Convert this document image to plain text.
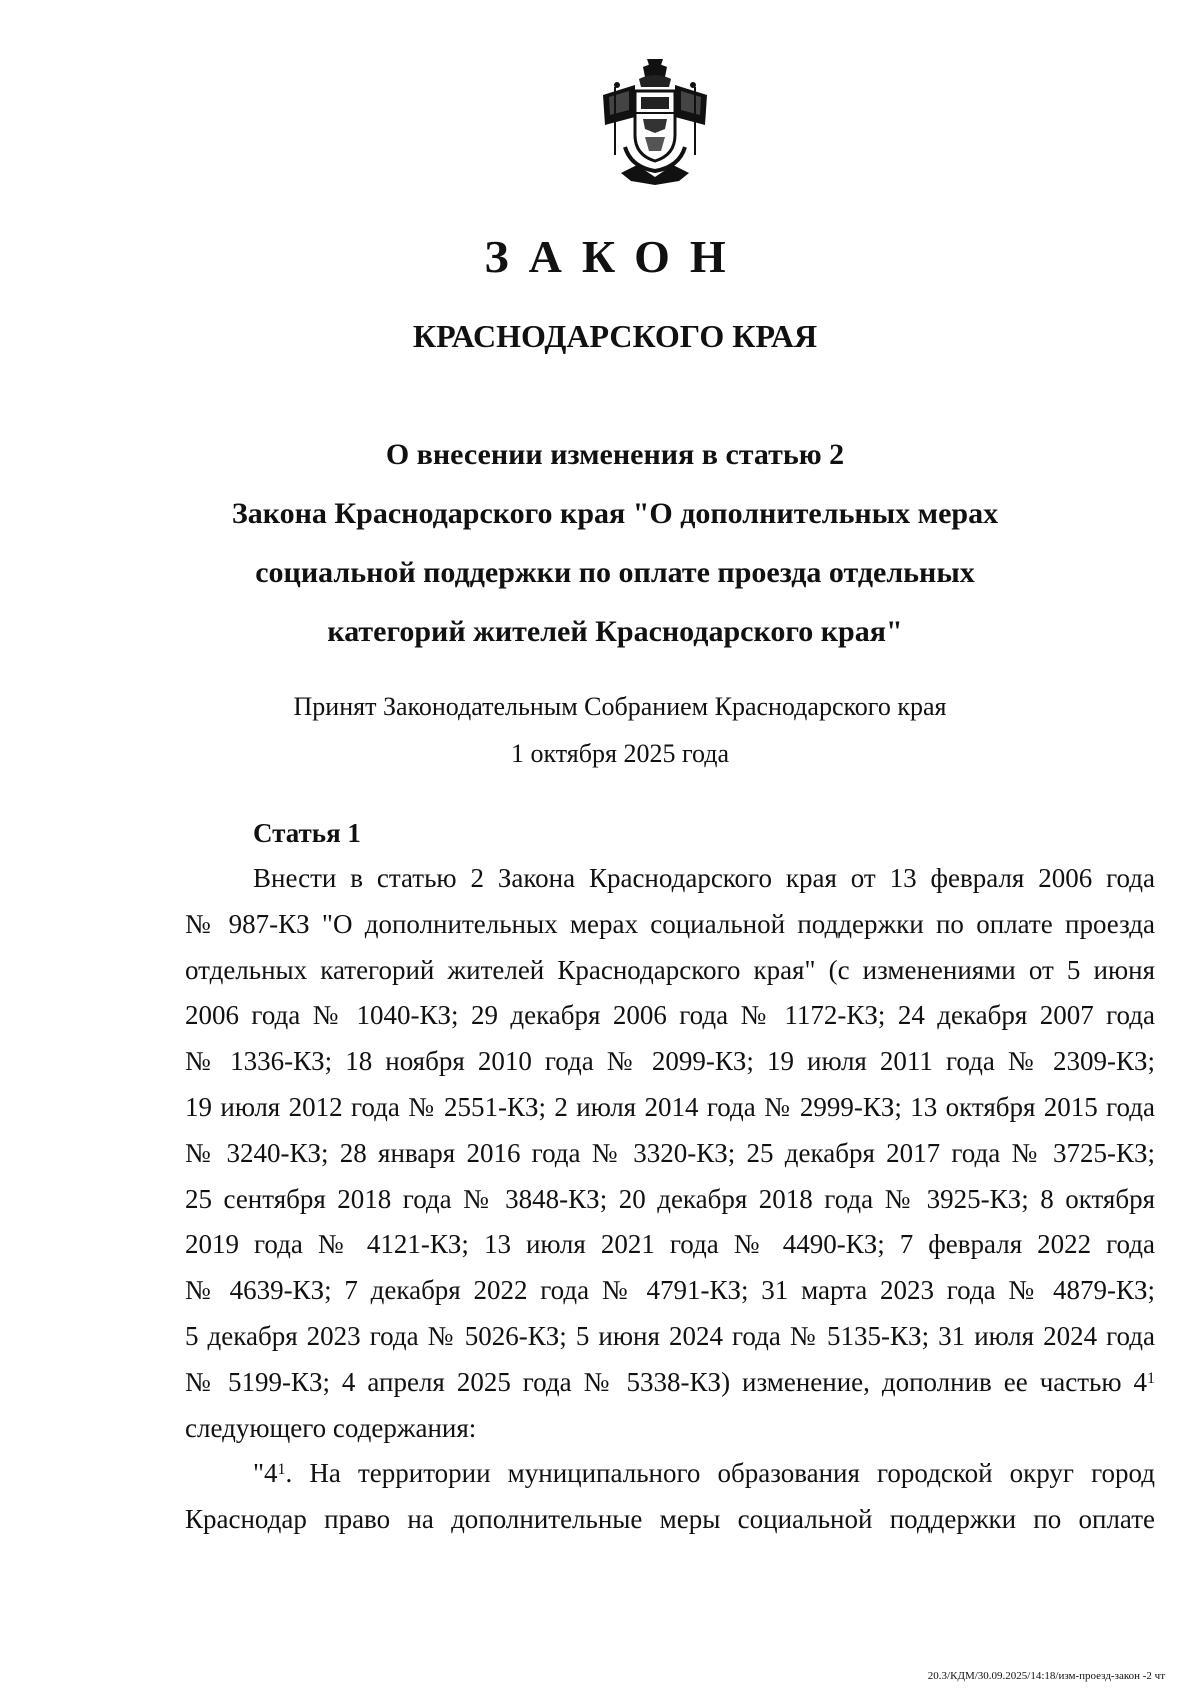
ЗАКОН
КРАСНОДАРСКОГО КРАЯ
О внесении изменения в статью 2
Закона Краснодарского края "О дополнительных мерах
социальной поддержки по оплате проезда отдельных
категорий жителей Краснодарского края"
Принят Законодательным Собранием Краснодарского края
1 октября 2025 года
Статья 1
Внести в статью 2 Закона Краснодарского края от 13 февраля 2006 года
№ 987-КЗ "О дополнительных мерах социальной поддержки по оплате проезда
отдельных категорий жителей Краснодарского края" (с изменениями от 5 июня
2006 года № 1040-КЗ; 29 декабря 2006 года № 1172-КЗ; 24 декабря 2007 года
№ 1336-КЗ; 18 ноября 2010 года № 2099-КЗ; 19 июля 2011 года № 2309-КЗ;
19 июля 2012 года № 2551-КЗ; 2 июля 2014 года № 2999-КЗ; 13 октября 2015 года
№ 3240-КЗ; 28 января 2016 года № 3320-КЗ; 25 декабря 2017 года № 3725-КЗ;
25 сентября 2018 года № 3848-КЗ; 20 декабря 2018 года № 3925-КЗ; 8 октября
2019 года № 4121-КЗ; 13 июля 2021 года № 4490-КЗ; 7 февраля 2022 года
№ 4639-КЗ; 7 декабря 2022 года № 4791-КЗ; 31 марта 2023 года № 4879-КЗ;
5 декабря 2023 года № 5026-КЗ; 5 июня 2024 года № 5135-КЗ; 31 июля 2024 года
№ 5199-КЗ; 4 апреля 2025 года № 5338-КЗ) изменение, дополнив ее частью $4^1$
следующего содержания:
"$4^1$. На территории муниципального образования городской округ город
Краснодар право на дополнительные меры социальной поддержки по оплате
20.3/КДМ/30.09.2025/14:18/изм-проезд-закон -2 чт
